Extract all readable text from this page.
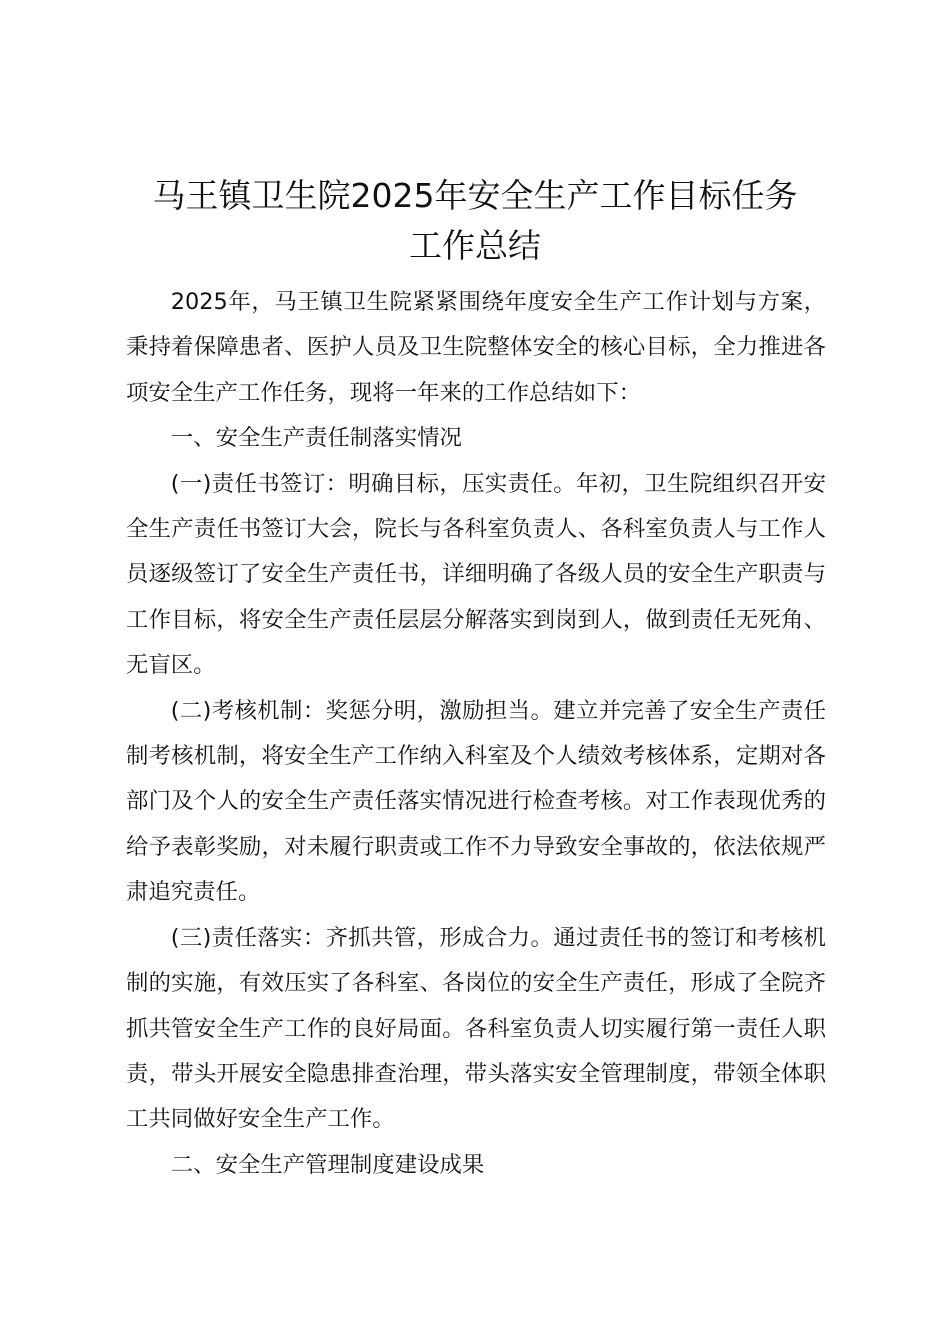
马王镇卫生院2025年安全生产工作目标任务
工作总结

2025年，马王镇卫生院紧紧围绕年度安全生产工作计划与方案，秉持着保障患者、医护人员及卫生院整体安全的核心目标，全力推进各项安全生产工作任务，现将一年来的工作总结如下：

一、安全生产责任制落实情况

(一)责任书签订：明确目标，压实责任。年初，卫生院组织召开安全生产责任书签订大会，院长与各科室负责人、各科室负责人与工作人员逐级签订了安全生产责任书，详细明确了各级人员的安全生产职责与工作目标，将安全生产责任层层分解落实到岗到人，做到责任无死角、无盲区。

(二)考核机制：奖惩分明，激励担当。建立并完善了安全生产责任制考核机制，将安全生产工作纳入科室及个人绩效考核体系，定期对各部门及个人的安全生产责任落实情况进行检查考核。对工作表现优秀的给予表彰奖励，对未履行职责或工作不力导致安全事故的，依法依规严肃追究责任。

(三)责任落实：齐抓共管，形成合力。通过责任书的签订和考核机制的实施，有效压实了各科室、各岗位的安全生产责任，形成了全院齐抓共管安全生产工作的良好局面。各科室负责人切实履行第一责任人职责，带头开展安全隐患排查治理，带头落实安全管理制度，带领全体职工共同做好安全生产工作。

二、安全生产管理制度建设成果
